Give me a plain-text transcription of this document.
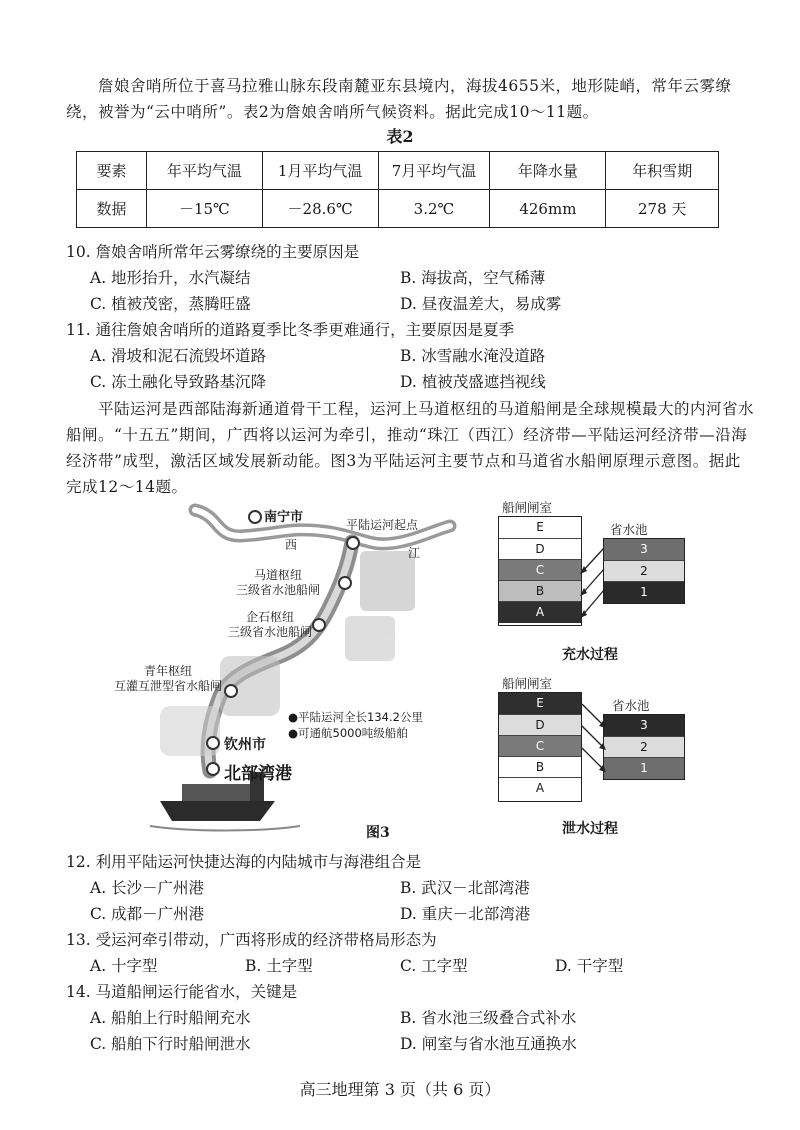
詹娘舍哨所位于喜马拉雅山脉东段南麓亚东县境内，海拔4655米，地形陡峭，常年云雾缭绕，被誉为“云中哨所”。表2为詹娘舍哨所气候资料。据此完成10～11题。
表2
要素	年平均气温	1月平均气温	7月平均气温	年降水量	年积雪期
数据	－15℃	－28.6℃	3.2℃	426mm	278 天
10. 詹娘舍哨所常年云雾缭绕的主要原因是
A. 地形抬升，水汽凝结	B. 海拔高，空气稀薄
C. 植被茂密，蒸腾旺盛	D. 昼夜温差大，易成雾
11. 通往詹娘舍哨所的道路夏季比冬季更难通行，主要原因是夏季
A. 滑坡和泥石流毁坏道路	B. 冰雪融水淹没道路
C. 冻土融化导致路基沉降	D. 植被茂盛遮挡视线
平陆运河是西部陆海新通道骨干工程，运河上马道枢纽的马道船闸是全球规模最大的内河省水船闸。“十五五”期间，广西将以运河为牵引，推动“珠江（西江）经济带—平陆运河经济带—沿海经济带”成型，激活区域发展新动能。图3为平陆运河主要节点和马道省水船闸原理示意图。据此完成12～14题。
南宁市
西
江
平陆运河起点
马道枢纽
三级省水池船闸
企石枢纽
三级省水池船闸
青年枢纽
互灌互泄型省水船闸
●平陆运河全长134.2公里
●可通航5000吨级船舶
钦州市
北部湾港
船闸闸室
E
D
C
B
A
省水池
3
2
1
充水过程
船闸闸室
E
D
C
B
A
省水池
3
2
1
泄水过程
图3
12. 利用平陆运河快捷达海的内陆城市与海港组合是
A. 长沙－广州港	B. 武汉－北部湾港
C. 成都－广州港	D. 重庆－北部湾港
13. 受运河牵引带动，广西将形成的经济带格局形态为
A. 十字型	B. 土字型	C. 工字型	D. 干字型
14. 马道船闸运行能省水，关键是
A. 船舶上行时船闸充水	B. 省水池三级叠合式补水
C. 船舶下行时船闸泄水	D. 闸室与省水池互通换水
高三地理第 3 页（共 6 页）
